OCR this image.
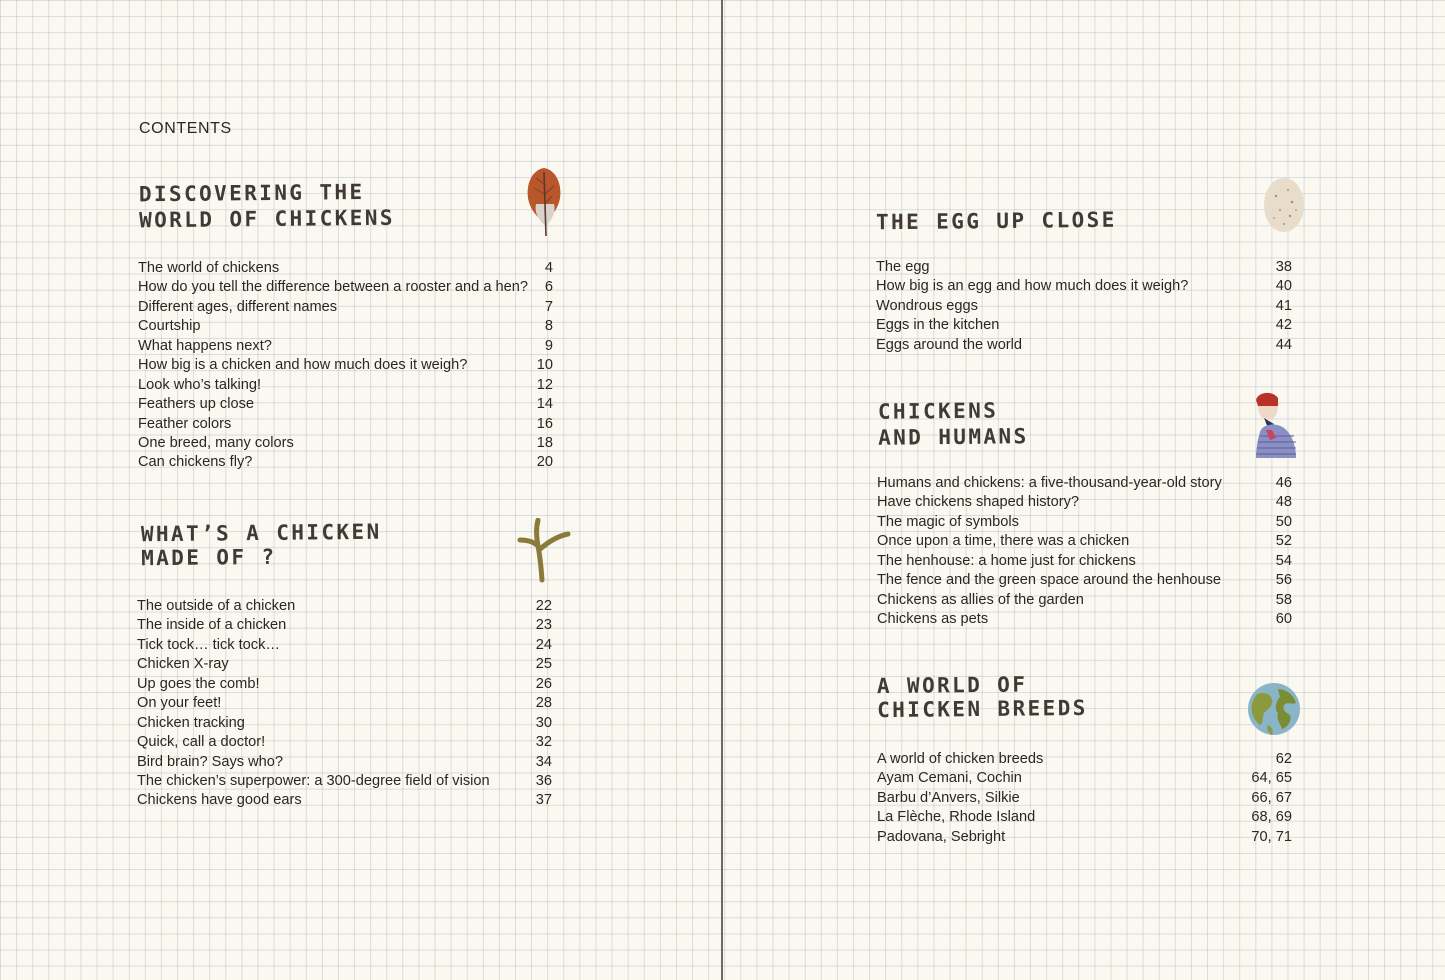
CONTENTS
DISCOVERING THE
WORLD OF CHICKENS
The world of chickens	4
How do you tell the difference between a rooster and a hen? 6
Different ages, different names	7
Courtship	8
What happens next?	9
How big is a chicken and how much does it weigh?	10
Look who’s talking!	12
Feathers up close	14
Feather colors	16
One breed, many colors	18
Can chickens fly?	20
WHAT’S A CHICKEN
MADE OF ?
The outside of a chicken	22
The inside of a chicken	23
Tick tock… tick tock…	24
Chicken X-ray	25
Up goes the comb!	26
On your feet!	28
Chicken tracking	30
Quick, call a doctor!	32
Bird brain? Says who?	34
The chicken’s superpower: a 300-degree field of vision	36
Chickens have good ears	37
THE EGG UP CLOSE
The egg	38
How big is an egg and how much does it weigh?	40
Wondrous eggs	41
Eggs in the kitchen	42
Eggs around the world	44
CHICKENS
AND HUMANS
Humans and chickens: a five-thousand-year-old story	46
Have chickens shaped history?	48
The magic of symbols	50
Once upon a time, there was a chicken	52
The henhouse: a home just for chickens	54
The fence and the green space around the henhouse	56
Chickens as allies of the garden	58
Chickens as pets	60
A WORLD OF
CHICKEN BREEDS
A world of chicken breeds	62
Ayam Cemani, Cochin	64, 65
Barbu d’Anvers, Silkie	66, 67
La Flèche, Rhode Island	68, 69
Padovana, Sebright	70, 71
